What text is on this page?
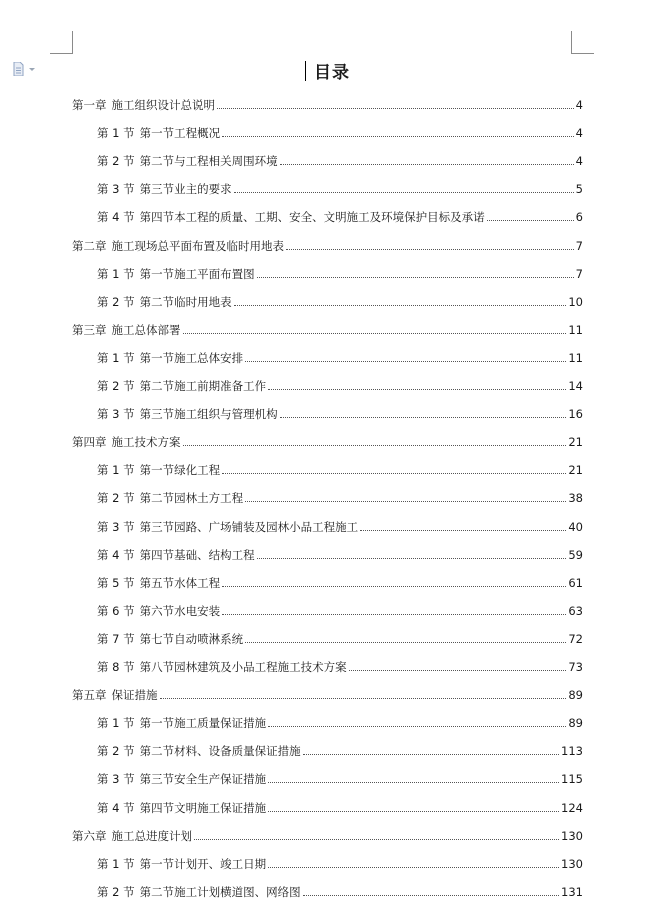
目录
第一章 施工组织设计总说明	4
第 1 节 第一节工程概况	4
第 2 节 第二节与工程相关周围环境	4
第 3 节 第三节业主的要求	5
第 4 节 第四节本工程的质量、工期、安全、文明施工及环境保护目标及承诺	6
第二章 施工现场总平面布置及临时用地表	7
第 1 节 第一节施工平面布置图	7
第 2 节 第二节临时用地表	10
第三章 施工总体部署	11
第 1 节 第一节施工总体安排	11
第 2 节 第二节施工前期准备工作	14
第 3 节 第三节施工组织与管理机构	16
第四章 施工技术方案	21
第 1 节 第一节绿化工程	21
第 2 节 第二节园林土方工程	38
第 3 节 第三节园路、广场铺装及园林小品工程施工	40
第 4 节 第四节基础、结构工程	59
第 5 节 第五节水体工程	61
第 6 节 第六节水电安装	63
第 7 节 第七节自动喷淋系统	72
第 8 节 第八节园林建筑及小品工程施工技术方案	73
第五章 保证措施	89
第 1 节 第一节施工质量保证措施	89
第 2 节 第二节材料、设备质量保证措施	113
第 3 节 第三节安全生产保证措施	115
第 4 节 第四节文明施工保证措施	124
第六章 施工总进度计划	130
第 1 节 第一节计划开、竣工日期	130
第 2 节 第二节施工计划横道图、网络图	131
